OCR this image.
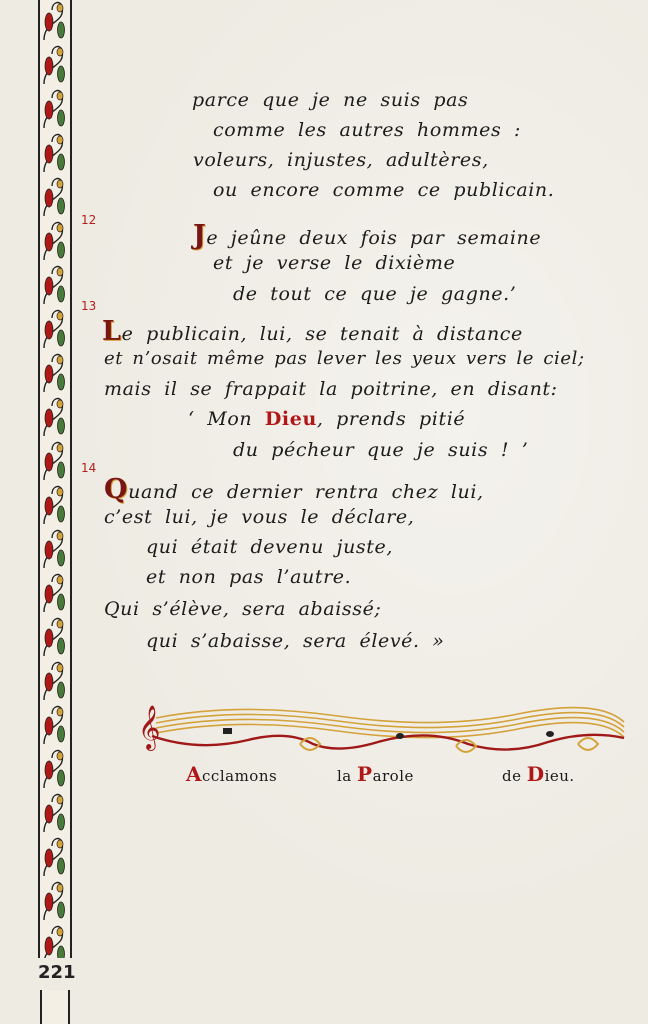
221
parce que je ne suis pas
comme les autres hommes :
voleurs, injustes, adultères,
ou encore comme ce publicain.
12	Je jeûne deux fois par semaine
et je verse le dixième
de tout ce que je gagne.’
13
Le publicain, lui, se tenait à distance
et n’osait même pas lever les yeux vers le ciel;
mais il se frappait la poitrine, en disant:
‘ Mon Dieu, prends pitié
du pécheur que je suis ! ’
14
Quand ce dernier rentra chez lui,
c’est lui, je vous le déclare,
qui était devenu juste,
et non pas l’autre.
Qui s’élève, sera abaissé;
qui s’abaisse, sera élevé. »
𝄞
Acclamons	la Parole	de Dieu.
